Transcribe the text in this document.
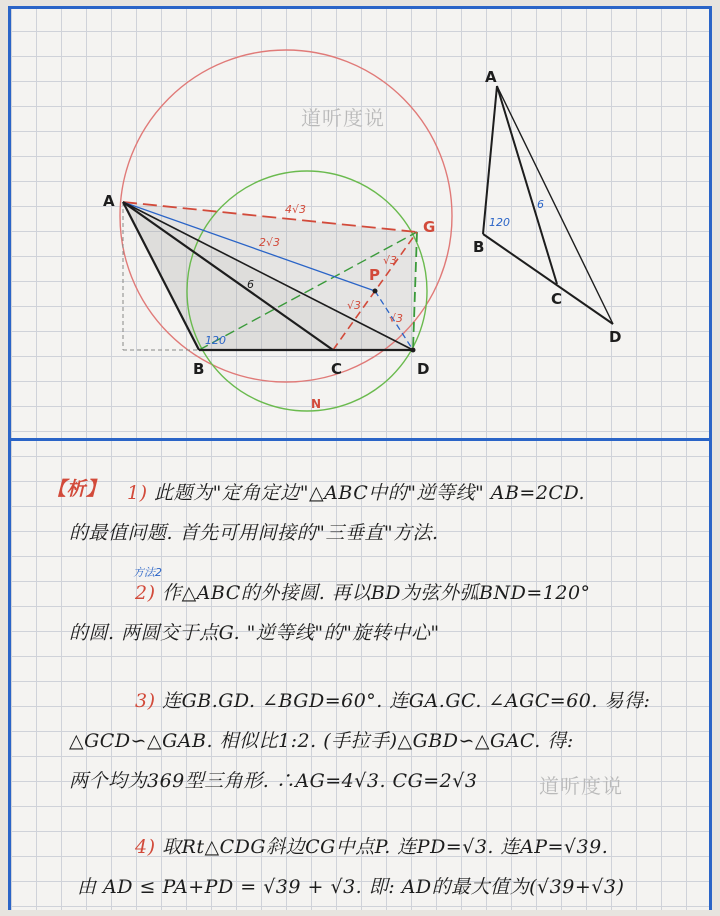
A
B	C	D
G
P
N
4√3
6
2√3
√3
√3
√3
120
A
B
C
D
6
120
道听度说
道听度说
【析】 1) 此题为"定角定边"△ABC中的"逆等线" AB=2CD.
的最值问题. 首先可用间接的"三垂直"方法.
方法2
2) 作△ABC的外接圆. 再以BD为弦外弧BND=120°
的圆. 两圆交于点G. "逆等线"的"旋转中心"
3) 连GB.GD. ∠BGD=60°. 连GA.GC. ∠AGC=60. 易得:
△GCD∽△GAB. 相似比1:2. (手拉手)△GBD∽△GAC. 得:
两个均为369型三角形. ∴AG=4√3. CG=2√3
4) 取Rt△CDG斜边CG中点P. 连PD=√3. 连AP=√39.
由 AD ≤ PA+PD = √39 + √3. 即: AD的最大值为(√39+√3)
